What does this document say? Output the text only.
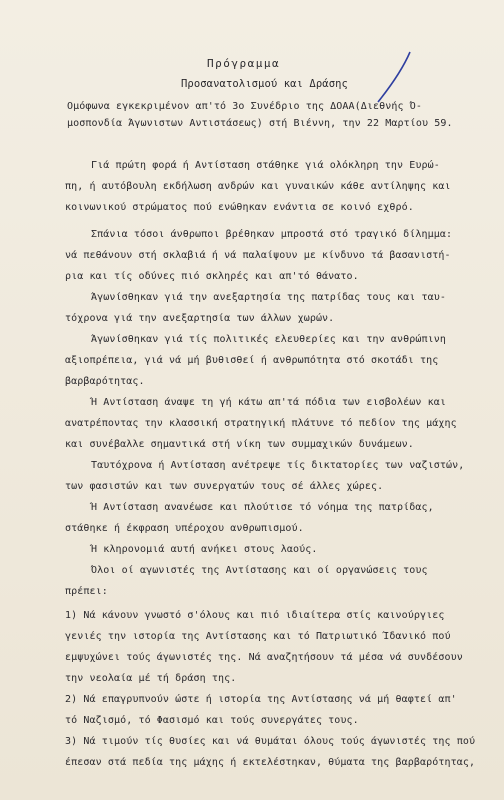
Πρόγραμμα
Προσανατολισμού και Δράσης
Ομόφωνα εγκεκριμένον απ'τό 3ο Συνέδριο της ΔΟΑΑ(Διεθνής Ό-
μοσπονδία Άγωνιστων Αντιστάσεως) στή Βιέννη, την 22 Μαρτίου 59.
Γιά πρώτη φορά ή Αντίσταση στάθηκε γιά ολόκληρη την Ευρώ-
πη, ή αυτόβουλη εκδήλωση ανδρών και γυναικών κάθε αντίληψης και
κοινωνικού στρώματος πού ενώθηκαν ενάντια σε κοινό εχθρό.
Σπάνια τόσοι άνθρωποι βρέθηκαν μπροστά στό τραγικό δίλημμα:
νά πεθάνουν στή σκλαβιά ή νά παλαίψουν με κίνδυνο τά βασανιστή-
ρια και τίς οδύνες πιό σκληρές και απ'τό θάνατο.
Άγωνίσθηκαν γιά την ανεξαρτησία της πατρίδας τους και ταυ-
τόχρονα γιά την ανεξαρτησία των άλλων χωρών.
Άγωνίσθηκαν γιά τίς πολιτικές ελευθερίες και την ανθρώπινη
αξιοπρέπεια, γιά νά μή βυθισθεί ή ανθρωπότητα στό σκοτάδι της
βαρβαρότητας.
Ή Αντίσταση άναψε τη γή κάτω απ'τά πόδια των εισβολέων και
ανατρέποντας την κλασσική στρατηγική πλάτυνε τό πεδίον της μάχης
και συνέβαλλε σημαντικά στή νίκη των συμμαχικών δυνάμεων.
Ταυτόχρονα ή Αντίσταση ανέτρεψε τίς δικτατορίες των ναζιστών,
των φασιστών και των συνεργατών τους σέ άλλες χώρες.
Ή Αντίσταση ανανέωσε και πλούτισε τό νόημα της πατρίδας,
στάθηκε ή έκφραση υπέροχου ανθρωπισμού.
Ή κληρονομιά αυτή ανήκει στους λαούς.
Όλοι οί αγωνιστές της Αντίστασης και οί οργανώσεις τους
πρέπει:
1) Νά κάνουν γνωστό σ'όλους και πιό ιδιαίτερα στίς καινούργιες
γενιές την ιστορία της Αντίστασης και τό Πατριωτικό Ίδανικό πού
εμψυχώνει τούς άγωνιστές της. Νά αναζητήσουν τά μέσα νά συνδέσουν
την νεολαία μέ τή δράση της.
2) Νά επαγρυπνούν ώστε ή ιστορία της Αντίστασης νά μή θαφτεί απ'
τό Ναζισμό, τό Φασισμό και τούς συνεργάτες τους.
3) Νά τιμούν τίς θυσίες και νά θυμάται όλους τούς άγωνιστές της πού
έπεσαν στά πεδία της μάχης ή εκτελέστηκαν, θύματα της βαρβαρότητας,
